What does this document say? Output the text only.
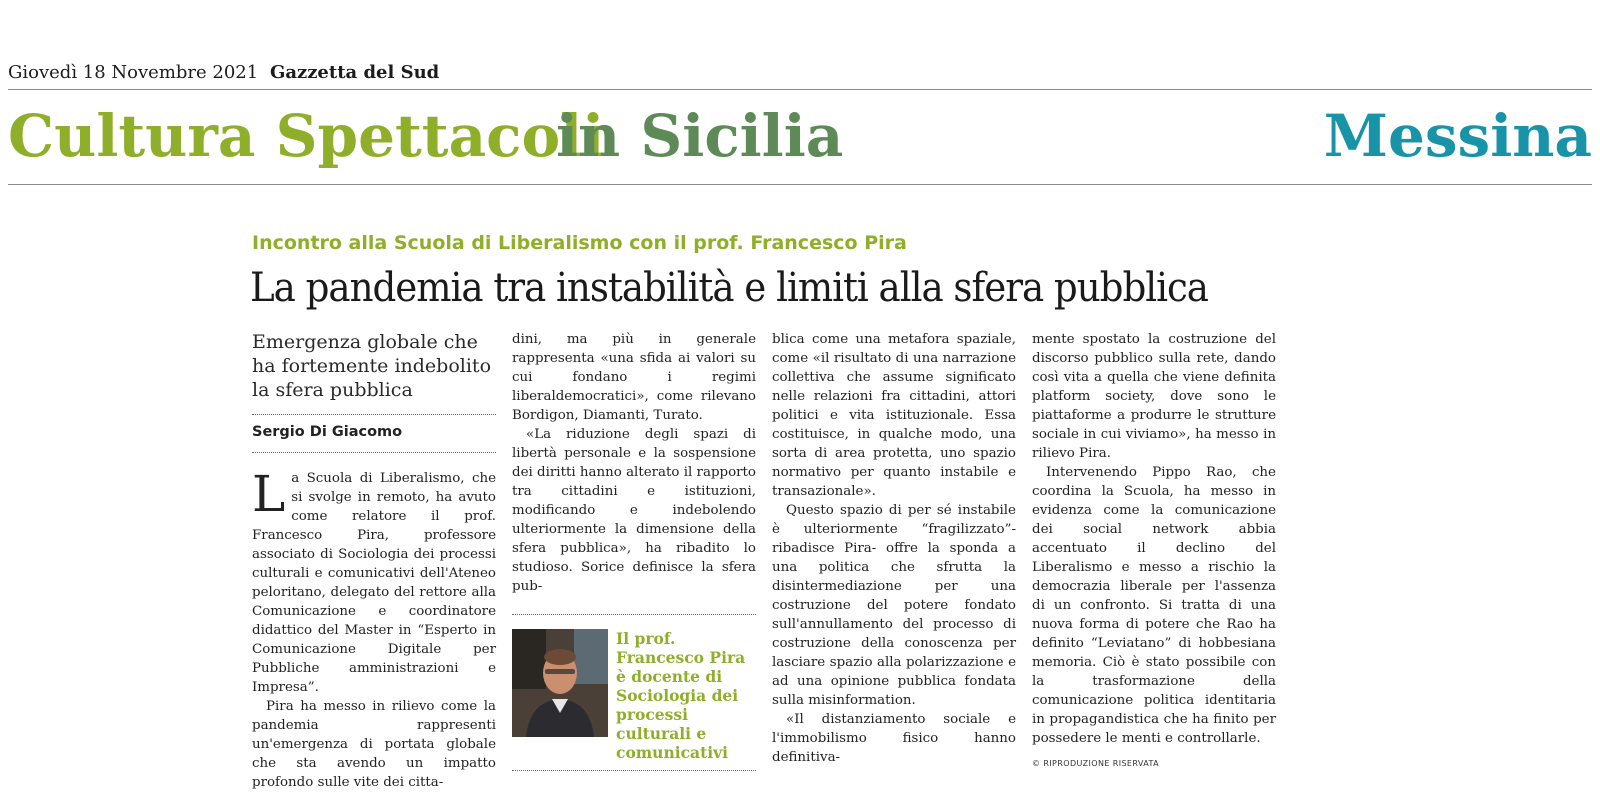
Giovedì 18 Novembre 2021 Gazzetta del Sud
Cultura Spettacoli
in Sicilia	Messina
Incontro alla Scuola di Liberalismo con il prof. Francesco Pira
La pandemia tra instabilità e limiti alla sfera pubblica
Emergenza globale che ha fortemente indebolito la sfera pubblica
Sergio Di Giacomo

La Scuola di Liberalismo, che si svolge in remoto, ha avuto come relatore il prof. Francesco Pira, professore associato di Sociologia dei processi culturali e comunicativi dell'Ateneo peloritano, delegato del rettore alla Comunicazione e coordinatore didattico del Master in “Esperto in Comunicazione Digitale per Pubbliche amministrazioni e Impresa”.

Pira ha messo in rilievo come la pandemia rappresenti un'emergenza di portata globale che sta avendo un impatto profondo sulle vite dei citta-

dini, ma più in generale rappresenta «una sfida ai valori su cui fondano i regimi liberaldemocratici», come rilevano Bordigon, Diamanti, Turato.

«La riduzione degli spazi di libertà personale e la sospensione dei diritti hanno alterato il rapporto tra cittadini e istituzioni, modificando e indebolendo ulteriormente la dimensione della sfera pubblica», ha ribadito lo studioso. Sorice definisce la sfera pub-

Il prof. Francesco Pira è docente di Sociologia dei processi culturali e comunicativi

blica come una metafora spaziale, come «il risultato di una narrazione collettiva che assume significato nelle relazioni fra cittadini, attori politici e vita istituzionale. Essa costituisce, in qualche modo, una sorta di area protetta, uno spazio normativo per quanto instabile e transazionale».

Questo spazio di per sé instabile è ulteriormente “fragilizzato”- ribadisce Pira- offre la sponda a una politica che sfrutta la disintermediazione per una costruzione del potere fondato sull'annullamento del processo di costruzione della conoscenza per lasciare spazio alla polarizzazione e ad una opinione pubblica fondata sulla misinformation.

«Il distanziamento sociale e l'immobilismo fisico hanno definitiva-

mente spostato la costruzione del discorso pubblico sulla rete, dando così vita a quella che viene definita platform society, dove sono le piattaforme a produrre le strutture sociale in cui viviamo», ha messo in rilievo Pira.

Intervenendo Pippo Rao, che coordina la Scuola, ha messo in evidenza come la comunicazione dei social network abbia accentuato il declino del Liberalismo e messo a rischio la democrazia liberale per l'assenza di un confronto. Si tratta di una nuova forma di potere che Rao ha definito “Leviatano” di hobbesiana memoria. Ciò è stato possibile con la trasformazione della comunicazione politica identitaria in propagandistica che ha finito per possedere le menti e controllarle.

© RIPRODUZIONE RISERVATA
